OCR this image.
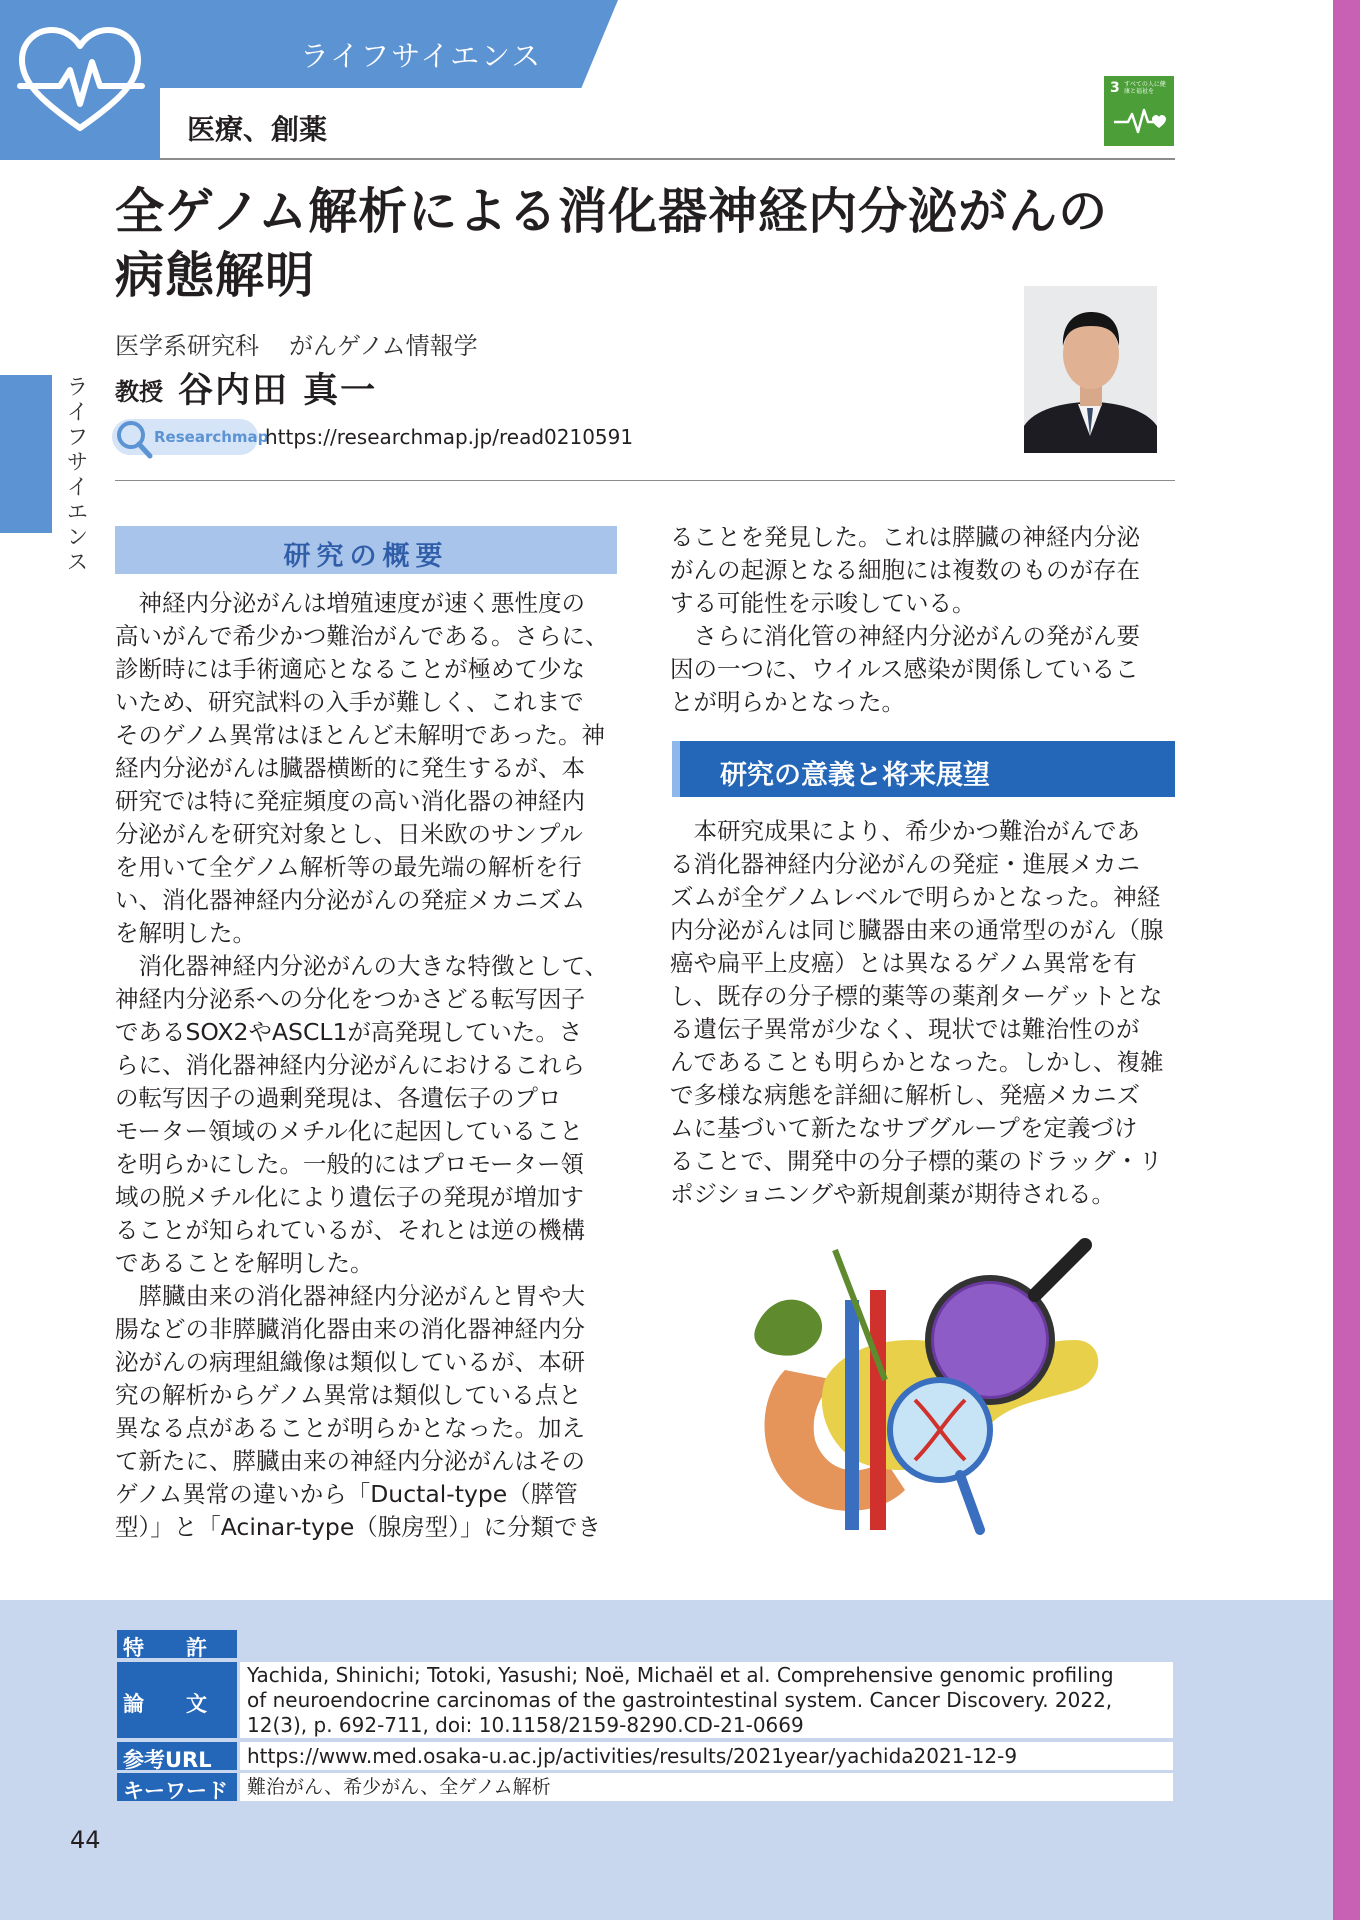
ライフサイエンス
医療、創薬
3 すべての人に健康と福祉を
ライフサイエンス
全ゲノム解析による消化器神経内分泌がんの
病態解明
医学系研究科 がんゲノム情報学
教授 谷内田 真一
Researchmap
https://researchmap.jp/read0210591
研究の概要

　神経内分泌がんは増殖速度が速く悪性度の

高いがんで希少かつ難治がんである。さらに、

診断時には手術適応となることが極めて少な

いため、研究試料の入手が難しく、これまで

そのゲノム異常はほとんど未解明であった。神

経内分泌がんは臓器横断的に発生するが、本

研究では特に発症頻度の高い消化器の神経内

分泌がんを研究対象とし、日米欧のサンプル

を用いて全ゲノム解析等の最先端の解析を行

い、消化器神経内分泌がんの発症メカニズム

を解明した。

　消化器神経内分泌がんの大きな特徴として、

神経内分泌系への分化をつかさどる転写因子

であるSOX2やASCL1が高発現していた。さ

らに、消化器神経内分泌がんにおけるこれら

の転写因子の過剰発現は、各遺伝子のプロ

モーター領域のメチル化に起因していること

を明らかにした。一般的にはプロモーター領

域の脱メチル化により遺伝子の発現が増加す

ることが知られているが、それとは逆の機構

であることを解明した。

　膵臓由来の消化器神経内分泌がんと胃や大

腸などの非膵臓消化器由来の消化器神経内分

泌がんの病理組織像は類似しているが、本研

究の解析からゲノム異常は類似している点と

異なる点があることが明らかとなった。加え

て新たに、膵臓由来の神経内分泌がんはその

ゲノム異常の違いから「Ductal-type（膵管

型）」と「Acinar-type（腺房型）」に分類でき

ることを発見した。これは膵臓の神経内分泌

がんの起源となる細胞には複数のものが存在

する可能性を示唆している。

　さらに消化管の神経内分泌がんの発がん要

因の一つに、ウイルス感染が関係しているこ

とが明らかとなった。

研究の意義と将来展望

　本研究成果により、希少かつ難治がんであ

る消化器神経内分泌がんの発症・進展メカニ

ズムが全ゲノムレベルで明らかとなった。神経

内分泌がんは同じ臓器由来の通常型のがん（腺

癌や扁平上皮癌）とは異なるゲノム異常を有

し、既存の分子標的薬等の薬剤ターゲットとな

る遺伝子異常が少なく、現状では難治性のが

んであることも明らかとなった。しかし、複雑

で多様な病態を詳細に解析し、発癌メカニズ

ムに基づいて新たなサブグループを定義づけ

ることで、開発中の分子標的薬のドラッグ・リ

ポジショニングや新規創薬が期待される。

特　　許
論　　文
Yachida, Shinichi; Totoki, Yasushi; Noë, Michaël et al. Comprehensive genomic profiling
of neuroendocrine carcinomas of the gastrointestinal system. Cancer Discovery. 2022,
12(3), p. 692-711, doi: 10.1158/2159-8290.CD-21-0669
参考URL	https://www.med.osaka-u.ac.jp/activities/results/2021year/yachida2021-12-9
キーワード	難治がん、希少がん、全ゲノム解析
44
